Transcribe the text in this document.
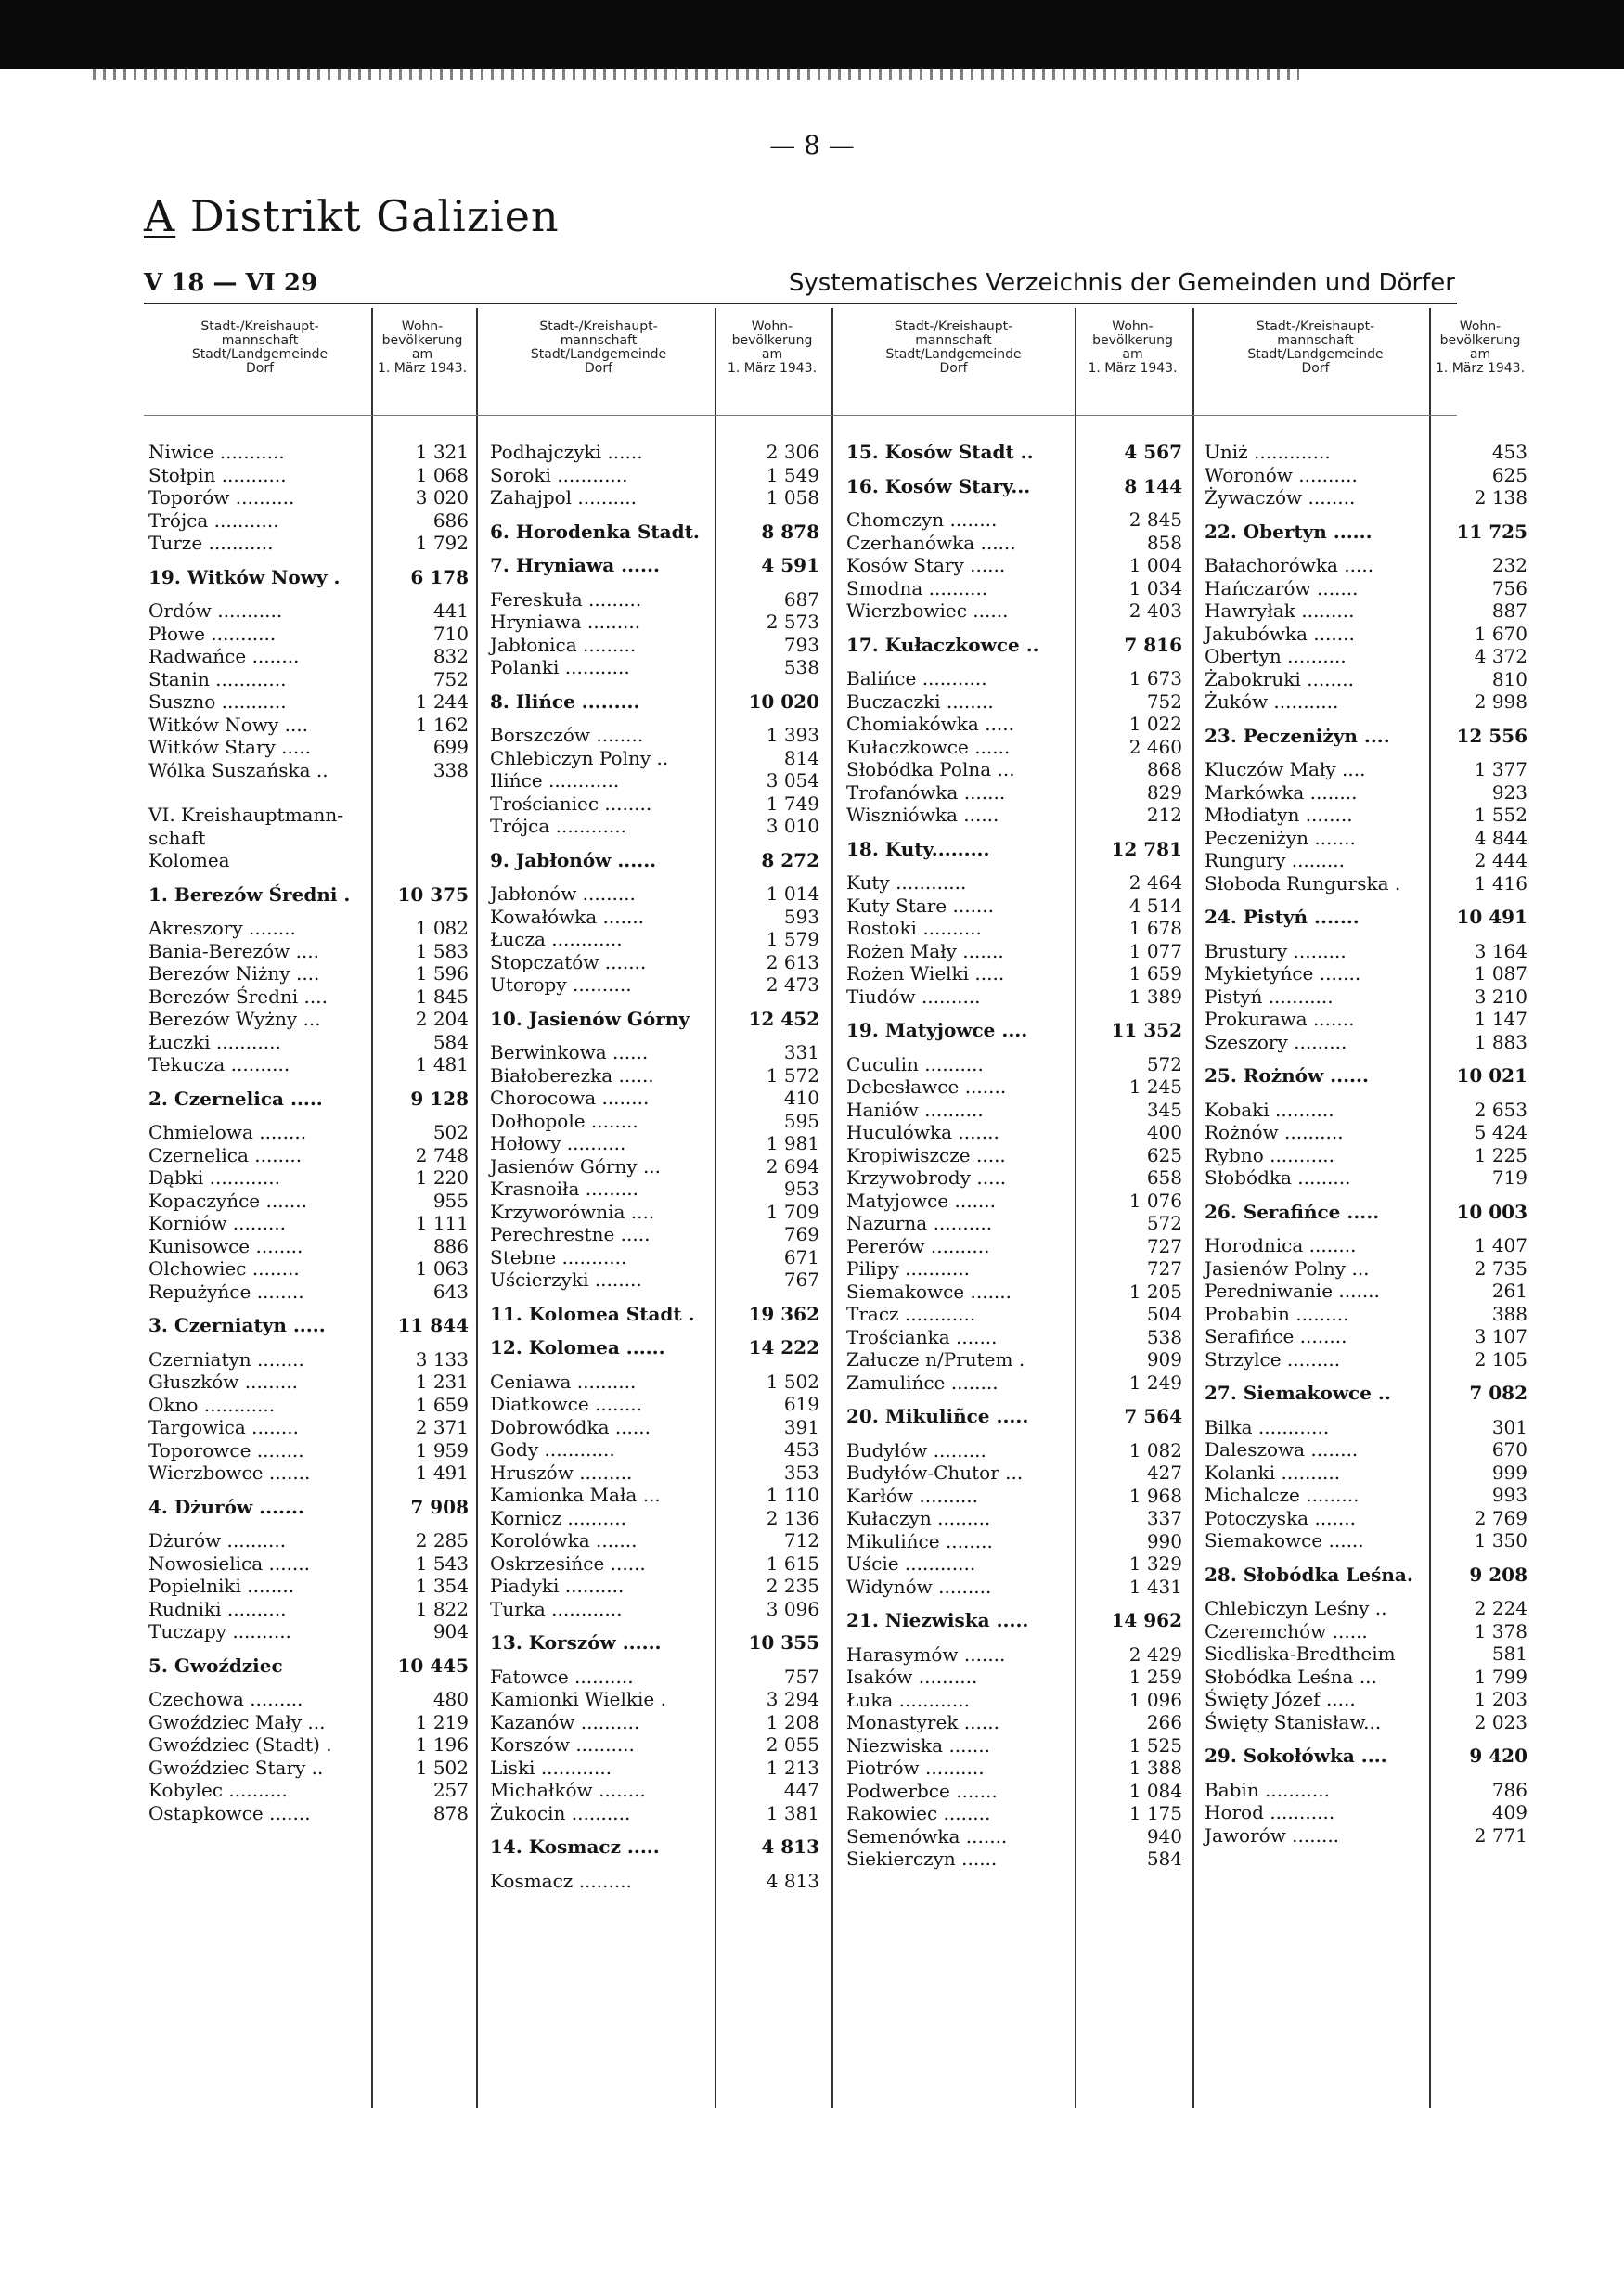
— 8 —
A Distrikt Galizien
V 18 — VI 29	Systematisches Verzeichnis der Gemeinden und Dörfer
Stadt-/Kreishaupt-
mannschaft
Stadt/Landgemeinde
Dorf
Wohn-
bevölkerung
am
1. März 1943.
Stadt-/Kreishaupt-
mannschaft
Stadt/Landgemeinde
Dorf
Wohn-
bevölkerung
am
1. März 1943.
Stadt-/Kreishaupt-
mannschaft
Stadt/Landgemeinde
Dorf
Wohn-
bevölkerung
am
1. März 1943.
Stadt-/Kreishaupt-
mannschaft
Stadt/Landgemeinde
Dorf
Wohn-
bevölkerung
am
1. März 1943.
Niwice ...........	1 321
Stołpin ...........	1 068
Toporów ..........	3 020
Trójca ...........	686
Turze ...........	1 792
19. Witków Nowy .	6 178
Ordów ...........	441
Płowe ...........	710
Radwańce ........	832
Stanin ............	752
Suszno ...........	1 244
Witków Nowy ....	1 162
Witków Stary .....	699
Wólka Suszańska ..	338
VI. Kreishauptmann-
schaft
Kolomea
1. Berezów Średni .	10 375
Akreszory ........	1 082
Bania-Berezów ....	1 583
Berezów Niżny ....	1 596
Berezów Średni ....	1 845
Berezów Wyżny ...	2 204
Łuczki ...........	584
Tekucza ..........	1 481
2. Czernelica .....	9 128
Chmielowa ........	502
Czernelica ........	2 748
Dąbki ............	1 220
Kopaczyńce .......	955
Korniów .........	1 111
Kunisowce ........	886
Olchowiec ........	1 063
Repużyńce ........	643
3. Czerniatyn .....	11 844
Czerniatyn ........	3 133
Głuszków .........	1 231
Okno ............	1 659
Targowica ........	2 371
Toporowce ........	1 959
Wierzbowce .......	1 491
4. Dżurów .......	7 908
Dżurów ..........	2 285
Nowosielica .......	1 543
Popielniki ........	1 354
Rudniki ..........	1 822
Tuczapy ..........	904
5. Gwoździec	10 445
Czechowa .........	480
Gwoździec Mały ...	1 219
Gwoździec (Stadt) .	1 196
Gwoździec Stary ..	1 502
Kobylec ..........	257
Ostapkowce .......	878
Podhajczyki ......	2 306
Soroki ............	1 549
Zahajpol ..........	1 058
6. Horodenka Stadt.	8 878
7. Hryniawa ......	4 591
Fereskuła .........	687
Hryniawa .........	2 573
Jabłonica .........	793
Polanki ...........	538
8. Ilińce .........	10 020
Borszczów ........	1 393
Chlebiczyn Polny ..	814
Ilińce ............	3 054
Trościaniec ........	1 749
Trójca ............	3 010
9. Jabłonów ......	8 272
Jabłonów .........	1 014
Kowałówka .......	593
Łucza ............	1 579
Stopczatów .......	2 613
Utoropy ..........	2 473
10. Jasienów Górny	12 452
Berwinkowa ......	331
Białoberezka ......	1 572
Chorocowa ........	410
Dołhopole ........	595
Hołowy ..........	1 981
Jasienów Górny ...	2 694
Krasnoiła .........	953
Krzyworównia ....	1 709
Perechrestne .....	769
Stebne ...........	671
Uścierzyki ........	767
11. Kolomea Stadt .	19 362
12. Kolomea ......	14 222
Ceniawa ..........	1 502
Diatkowce ........	619
Dobrowódka ......	391
Gody ............	453
Hruszów .........	353
Kamionka Mała ...	1 110
Kornicz ..........	2 136
Korolówka .......	712
Oskrzesińce ......	1 615
Piadyki ..........	2 235
Turka ............	3 096
13. Korszów ......	10 355
Fatowce ..........	757
Kamionki Wielkie .	3 294
Kazanów ..........	1 208
Korszów ..........	2 055
Liski ............	1 213
Michałków ........	447
Żukocin ..........	1 381
14. Kosmacz .....	4 813
Kosmacz .........	4 813
15. Kosów Stadt ..	4 567
16. Kosów Stary...	8 144
Chomczyn ........	2 845
Czerhanówka ......	858
Kosów Stary ......	1 004
Smodna ..........	1 034
Wierzbowiec ......	2 403
17. Kułaczkowce ..	7 816
Balińce ...........	1 673
Buczaczki ........	752
Chomiakówka .....	1 022
Kułaczkowce ......	2 460
Słobódka Polna ...	868
Trofanówka .......	829
Wiszniówka ......	212
18. Kuty.........	12 781
Kuty ............	2 464
Kuty Stare .......	4 514
Rostoki ..........	1 678
Rożen Mały .......	1 077
Rożen Wielki .....	1 659
Tiudów ..........	1 389
19. Matyjowce ....	11 352
Cuculin ..........	572
Debesławce .......	1 245
Haniów ..........	345
Huculówka .......	400
Kropiwiszcze .....	625
Krzywobrody .....	658
Matyjowce .......	1 076
Nazurna ..........	572
Pererów ..........	727
Pilipy ...........	727
Siemakowce .......	1 205
Tracz ............	504
Trościanka .......	538
Załucze n/Prutem .	909
Zamulińce ........	1 249
20. Mikuliñce .....	7 564
Budyłów .........	1 082
Budyłów-Chutor ...	427
Karłów ..........	1 968
Kułaczyn .........	337
Mikulińce ........	990
Uście ............	1 329
Widynów .........	1 431
21. Niezwiska .....	14 962
Harasymów .......	2 429
Isaków ..........	1 259
Łuka ............	1 096
Monastyrek ......	266
Niezwiska .......	1 525
Piotrów ..........	1 388
Podwerbce .......	1 084
Rakowiec ........	1 175
Semenówka .......	940
Siekierczyn ......	584
Uniż .............	453
Woronów ..........	625
Żywaczów ........	2 138
22. Obertyn ......	11 725
Bałachorówka .....	232
Hańczarów .......	756
Hawryłak .........	887
Jakubówka .......	1 670
Obertyn ..........	4 372
Żabokruki ........	810
Żuków ...........	2 998
23. Peczeniżyn ....	12 556
Kluczów Mały ....	1 377
Markówka ........	923
Młodiatyn ........	1 552
Peczeniżyn .......	4 844
Rungury .........	2 444
Słoboda Rungurska .	1 416
24. Pistyń .......	10 491
Brustury .........	3 164
Mykietyńce .......	1 087
Pistyń ...........	3 210
Prokurawa .......	1 147
Szeszory .........	1 883
25. Rożnów ......	10 021
Kobaki ..........	2 653
Rożnów ..........	5 424
Rybno ...........	1 225
Słobódka .........	719
26. Serafińce .....	10 003
Horodnica ........	1 407
Jasienów Polny ...	2 735
Peredniwanie .......	261
Probabin .........	388
Serafińce ........	3 107
Strzylce .........	2 105
27. Siemakowce ..	7 082
Bilka ............	301
Daleszowa ........	670
Kolanki ..........	999
Michalcze .........	993
Potoczyska .......	2 769
Siemakowce ......	1 350
28. Słobódka Leśna.	9 208
Chlebiczyn Leśny ..	2 224
Czeremchów ......	1 378
Siedliska-Bredtheim	581
Słobódka Leśna ...	1 799
Święty Józef .....	1 203
Święty Stanisław...	2 023
29. Sokołówka ....	9 420
Babin ...........	786
Horod ...........	409
Jaworów ........	2 771
